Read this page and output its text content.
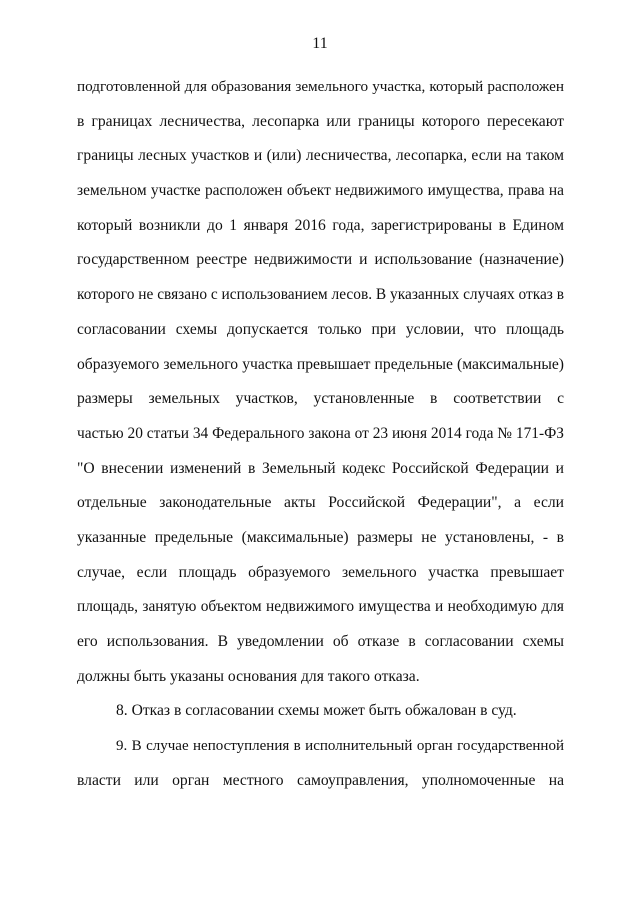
11
подготовленной для образования земельного участка, который расположен
в границах лесничества, лесопарка или границы которого пересекают
границы лесных участков и (или) лесничества, лесопарка, если на таком
земельном участке расположен объект недвижимого имущества, права на
который возникли до 1 января 2016 года, зарегистрированы в Едином
государственном реестре недвижимости и использование (назначение)
которого не связано с использованием лесов. В указанных случаях отказ в
согласовании схемы допускается только при условии, что площадь
образуемого земельного участка превышает предельные (максимальные)
размеры земельных участков, установленные в соответствии с
частью 20 статьи 34 Федерального закона от 23 июня 2014 года № 171-ФЗ
"О внесении изменений в Земельный кодекс Российской Федерации и
отдельные законодательные акты Российской Федерации", а если
указанные предельные (максимальные) размеры не установлены, - в
случае, если площадь образуемого земельного участка превышает
площадь, занятую объектом недвижимого имущества и необходимую для
его использования. В уведомлении об отказе в согласовании схемы
должны быть указаны основания для такого отказа.
8. Отказ в согласовании схемы может быть обжалован в суд.
9. В случае непоступления в исполнительный орган государственной
власти или орган местного самоуправления, уполномоченные на
